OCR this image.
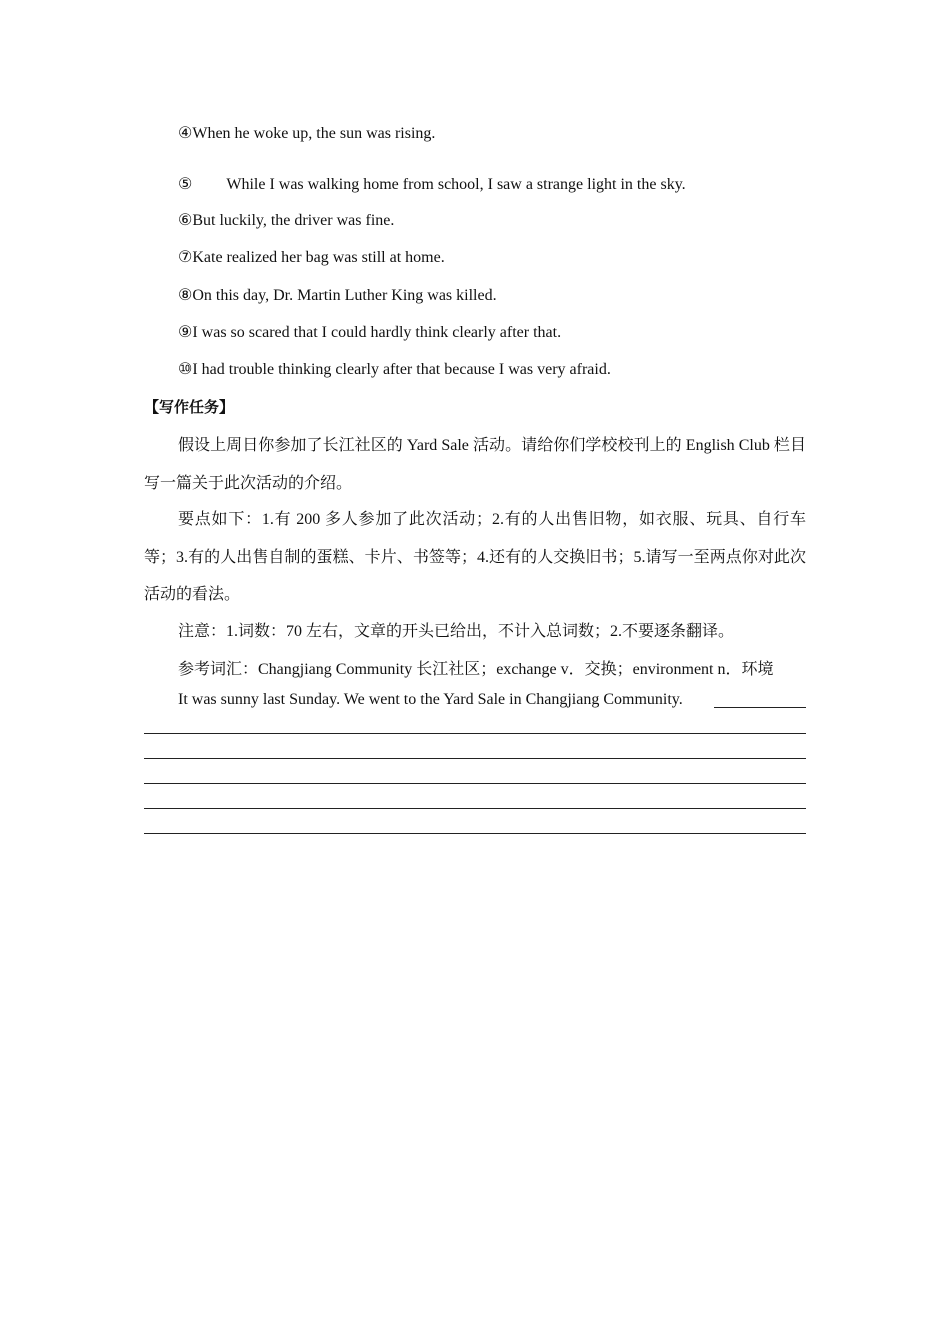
④When he woke up, the sun was rising.
⑤ While I was walking home from school, I saw a strange light in the sky.
⑥But luckily, the driver was fine.
⑦Kate realized her bag was still at home.
⑧On this day, Dr. Martin Luther King was killed.
⑨I was so scared that I could hardly think clearly after that.
⑩I had trouble thinking clearly after that because I was very afraid.
【写作任务】
假设上周日你参加了长江社区的 Yard Sale 活动。请给你们学校校刊上的 English Club 栏目写一篇关于此次活动的介绍。
要点如下：1.有 200 多人参加了此次活动；2.有的人出售旧物，如衣服、玩具、自行车等；3.有的人出售自制的蛋糕、卡片、书签等；4.还有的人交换旧书；5.请写一至两点你对此次活动的看法。
注意：1.词数：70 左右，文章的开头已给出，不计入总词数；2.不要逐条翻译。
参考词汇：Changjiang Community 长江社区；exchange v．交换；environment n．环境
It was sunny last Sunday. We went to the Yard Sale in Changjiang Community.
